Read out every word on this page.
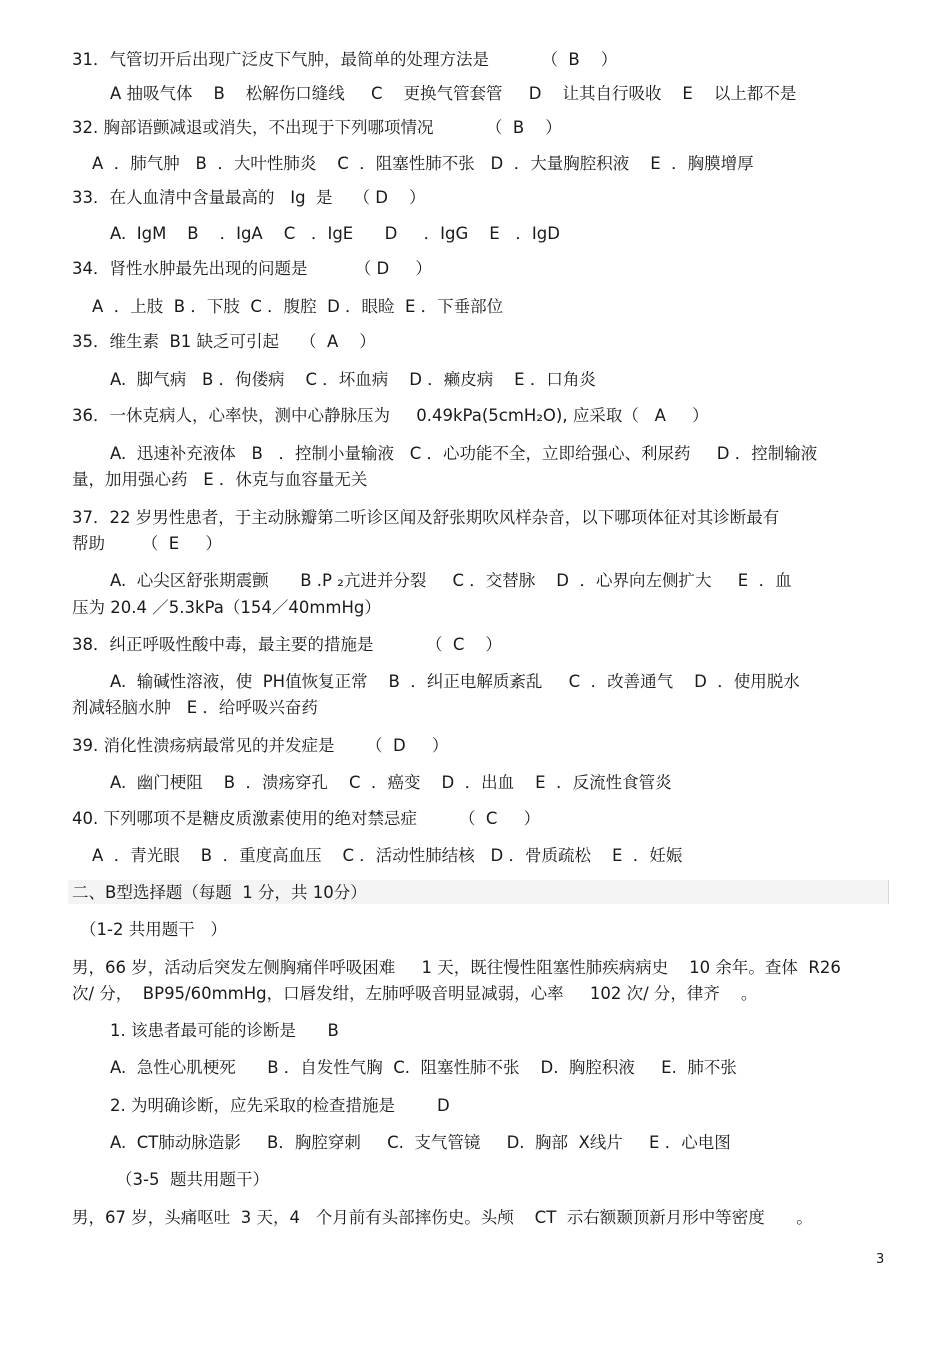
31．气管切开后出现广泛皮下气肿，最简单的处理方法是          （  B    ）
A 抽吸气体    B    松解伤口缝线     C    更换气管套管     D    让其自行吸收    E    以上都不是
32. 胸部语颤减退或消失，不出现于下列哪项情况          （  B    ）
A  ．肺气肿   B  ．大叶性肺炎    C  ．阻塞性肺不张   D  ．大量胸腔积液    E  ．胸膜增厚
33．在人血清中含量最高的   Ig  是    （ D    ）
A.  IgM    B    ．IgA    C   ．IgE      D     ．IgG    E   ．IgD
34．肾性水肿最先出现的问题是         （ D     ）
A  ．上肢  B ．下肢  C ．腹腔  D ．眼睑  E ．下垂部位
35．维生素  B1 缺乏可引起    （  A    ）
A.  脚气病   B ．佝偻病    C ．坏血病    D ．癞皮病    E ．口角炎
36．一休克病人，心率快，测中心静脉压为     0.49kPa(5cmH₂O), 应采取（   A     ）
A.  迅速补充液体   B   ．控制小量输液   C ．心功能不全，立即给强心、利尿药     D ．控制输液
量，加用强心药   E ．休克与血容量无关
37．22 岁男性患者，于主动脉瓣第二听诊区闻及舒张期吹风样杂音，以下哪项体征对其诊断最有
帮助       （  E     ）
A.  心尖区舒张期震颤      B .P ₂亢进并分裂     C ．交替脉    D  ．心界向左侧扩大     E  ．血
压为 20.4 ／5.3kPa（154／40mmHg）
38．纠正呼吸性酸中毒，最主要的措施是          （  C    ）
A.  输碱性溶液，使  PH值恢复正常    B  ．纠正电解质紊乱     C  ．改善通气    D  ．使用脱水
剂减轻脑水肿   E ．给呼吸兴奋药
39. 消化性溃疡病最常见的并发症是      （  D     ）
A.  幽门梗阻    B  ．溃疡穿孔    C  ．癌变    D  ．出血    E  ．反流性食管炎
40. 下列哪项不是糖皮质激素使用的绝对禁忌症        （  C     ）
A  ．青光眼    B  ．重度高血压    C ．活动性肺结核   D ．骨质疏松    E  ．妊娠
二、B型选择题（每题  1 分，共 10分）
（1-2 共用题干   ）
男，66 岁，活动后突发左侧胸痛伴呼吸困难     1 天，既往慢性阻塞性肺疾病病史    10 余年。查体  R26
次/ 分，  BP95/60mmHg，口唇发绀，左肺呼吸音明显减弱，心率     102 次/ 分，律齐    。
1. 该患者最可能的诊断是      B
A.  急性心肌梗死      B ．自发性气胸  C.  阻塞性肺不张    D.  胸腔积液     E.  肺不张
2. 为明确诊断，应先采取的检查措施是        D
A.  CT肺动脉造影     B．胸腔穿刺     C.  支气管镜     D.  胸部  X线片     E ．心电图
（3-5  题共用题干）
男，67 岁，头痛呕吐  3 天，4   个月前有头部摔伤史。头颅    CT  示右额颞顶新月形中等密度      。
3
